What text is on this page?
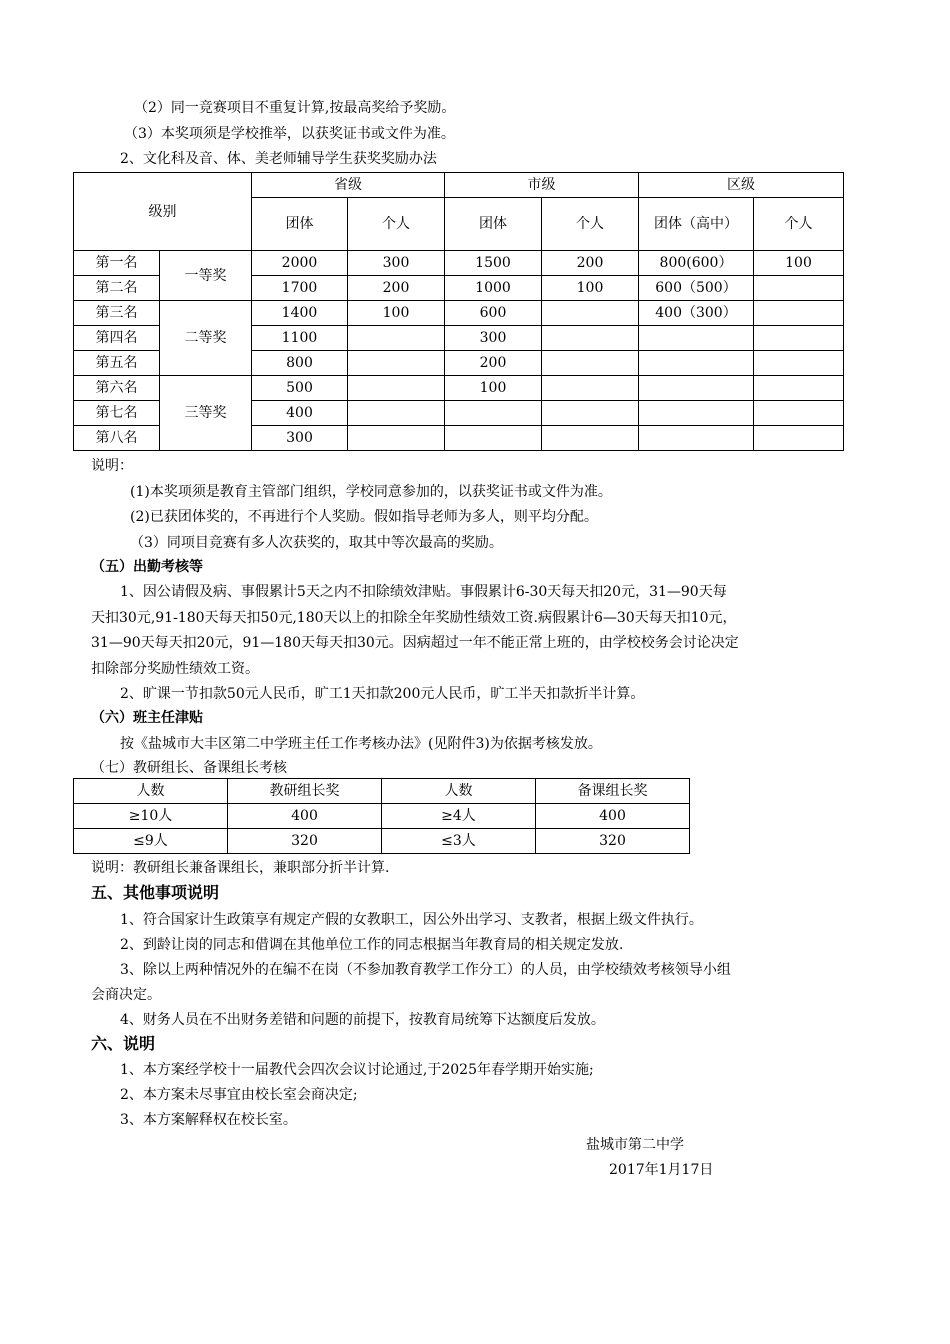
（2）同一竞赛项目不重复计算,按最高奖给予奖励。
（3）本奖项须是学校推举，以获奖证书或文件为准。
2、文化科及音、体、美老师辅导学生获奖奖励办法
级别		省级		市级		区级	
		团体	个人	团体	个人	团体（高中）	个人
第一名	一等奖	2000	300	1500	200	800(600）	100
第二名		1700	200	1000	100	600（500）	
第三名	二等奖	1400	100	600		400（300）	
第四名		1100		300			
第五名		800		200			
第六名	三等奖	500		100			
第七名		400					
第八名		300					
说明：
(1)本奖项须是教育主管部门组织，学校同意参加的，以获奖证书或文件为准。
(2)已获团体奖的，不再进行个人奖励。假如指导老师为多人，则平均分配。
（3）同项目竞赛有多人次获奖的，取其中等次最高的奖励。
（五）出勤考核等
1、因公请假及病、事假累计5天之内不扣除绩效津贴。事假累计6-30天每天扣20元，31—90天每
天扣30元,91-180天每天扣50元,180天以上的扣除全年奖励性绩效工资.病假累计6—30天每天扣10元，
31—90天每天扣20元，91—180天每天扣30元。因病超过一年不能正常上班的，由学校校务会讨论决定
扣除部分奖励性绩效工资。
2、旷课一节扣款50元人民币，旷工1天扣款200元人民币，旷工半天扣款折半计算。
（六）班主任津贴
按《盐城市大丰区第二中学班主任工作考核办法》(见附件3)为依据考核发放。
（七）教研组长、备课组长考核
人数	教研组长奖	人数	备课组长奖
≥10人	400	≥4人	400
≤9人	320	≤3人	320
说明：教研组长兼备课组长，兼职部分折半计算.
五、其他事项说明
1、符合国家计生政策享有规定产假的女教职工，因公外出学习、支教者，根据上级文件执行。
2、到龄让岗的同志和借调在其他单位工作的同志根据当年教育局的相关规定发放.
3、除以上两种情况外的在编不在岗（不参加教育教学工作分工）的人员，由学校绩效考核领导小组
会商决定。
4、财务人员在不出财务差错和问题的前提下，按教育局统筹下达额度后发放。
六、说明
1、本方案经学校十一届教代会四次会议讨论通过,于2025年春学期开始实施;
2、本方案未尽事宜由校长室会商决定;
3、本方案解释权在校长室。
盐城市第二中学
2017年1月17日
